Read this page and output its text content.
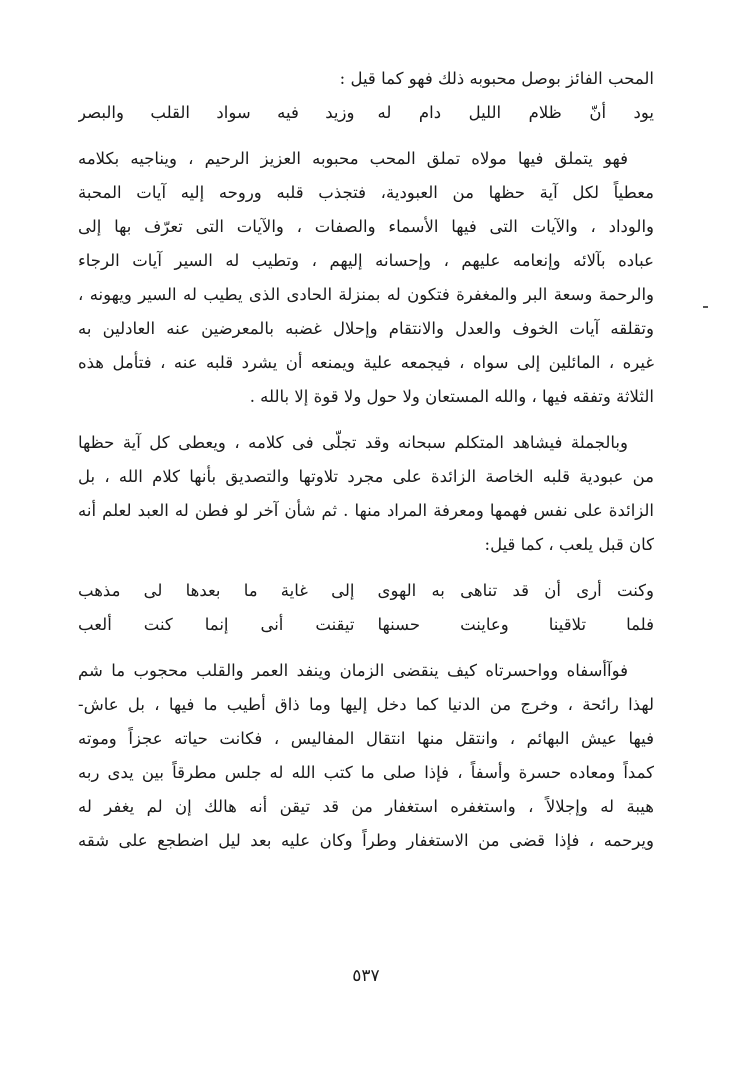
المحب الفائز بوصل محبوبه ذلك فهو كما قيل :
يود أنّ ظلام الليل دام له
وزيد فيه سواد القلب والبصر
فهو يتملق فيها مولاه تملق المحب محبوبه العزيز الرحيم ، ويناجيه بكلامه
معطياً لكل آية حظها من العبودية، فتجذب قلبه وروحه إليه آيات المحبة
والوداد ، والآيات التى فيها الأسماء والصفات ، والآيات التى تعرّف بها إلى
عباده بآلائه وإنعامه عليهم ، وإحسانه إليهم ، وتطيب له السير آيات الرجاء
والرحمة وسعة البر والمغفرة فتكون له بمنزلة الحادى الذى يطيب له السير ويهونه ،
وتقلقه آيات الخوف والعدل والانتقام وإحلال غضبه بالمعرضين عنه العادلين به
غيره ، المائلين إلى سواه ، فيجمعه علية ويمنعه أن يشرد قلبه عنه ، فتأمل هذه
الثلاثة وتفقه فيها ، والله المستعان ولا حول ولا قوة إلا بالله .
وبالجملة فيشاهد المتكلم سبحانه وقد تجلّى فى كلامه ، ويعطى كل آية حظها
من عبودية قلبه الخاصة الزائدة على مجرد تلاوتها والتصديق بأنها كلام الله ، بل
الزائدة على نفس فهمها ومعرفة المراد منها . ثم شأن آخر لو فطن له العبد لعلم أنه
كان قبل يلعب ، كما قيل:
وكنت أرى أن قد تناهى به الهوى
إلى غاية ما بعدها لى مذهب
فلما تلاقينا وعاينت حسنها
تيقنت أنى إنما كنت ألعب
فوآأسفاه وواحسرتاه كيف ينقضى الزمان وينفد العمر والقلب محجوب ما شم
لهذا رائحة ، وخرج من الدنيا كما دخل إليها وما ذاق أطيب ما فيها ، بل عاش-
فيها عيش البهائم ، وانتقل منها انتقال المفاليس ، فكانت حياته عجزاً وموته
كمداً ومعاده حسرة وأسفاً ، فإذا صلى ما كتب الله له جلس مطرقاً بين يدى ربه
هيبة له وإجلالاً ، واستغفره استغفار من قد تيقن أنه هالك إن لم يغفر له
ويرحمه ، فإذا قضى من الاستغفار وطراً وكان عليه بعد ليل اضطجع على شقه
٥٣٧
